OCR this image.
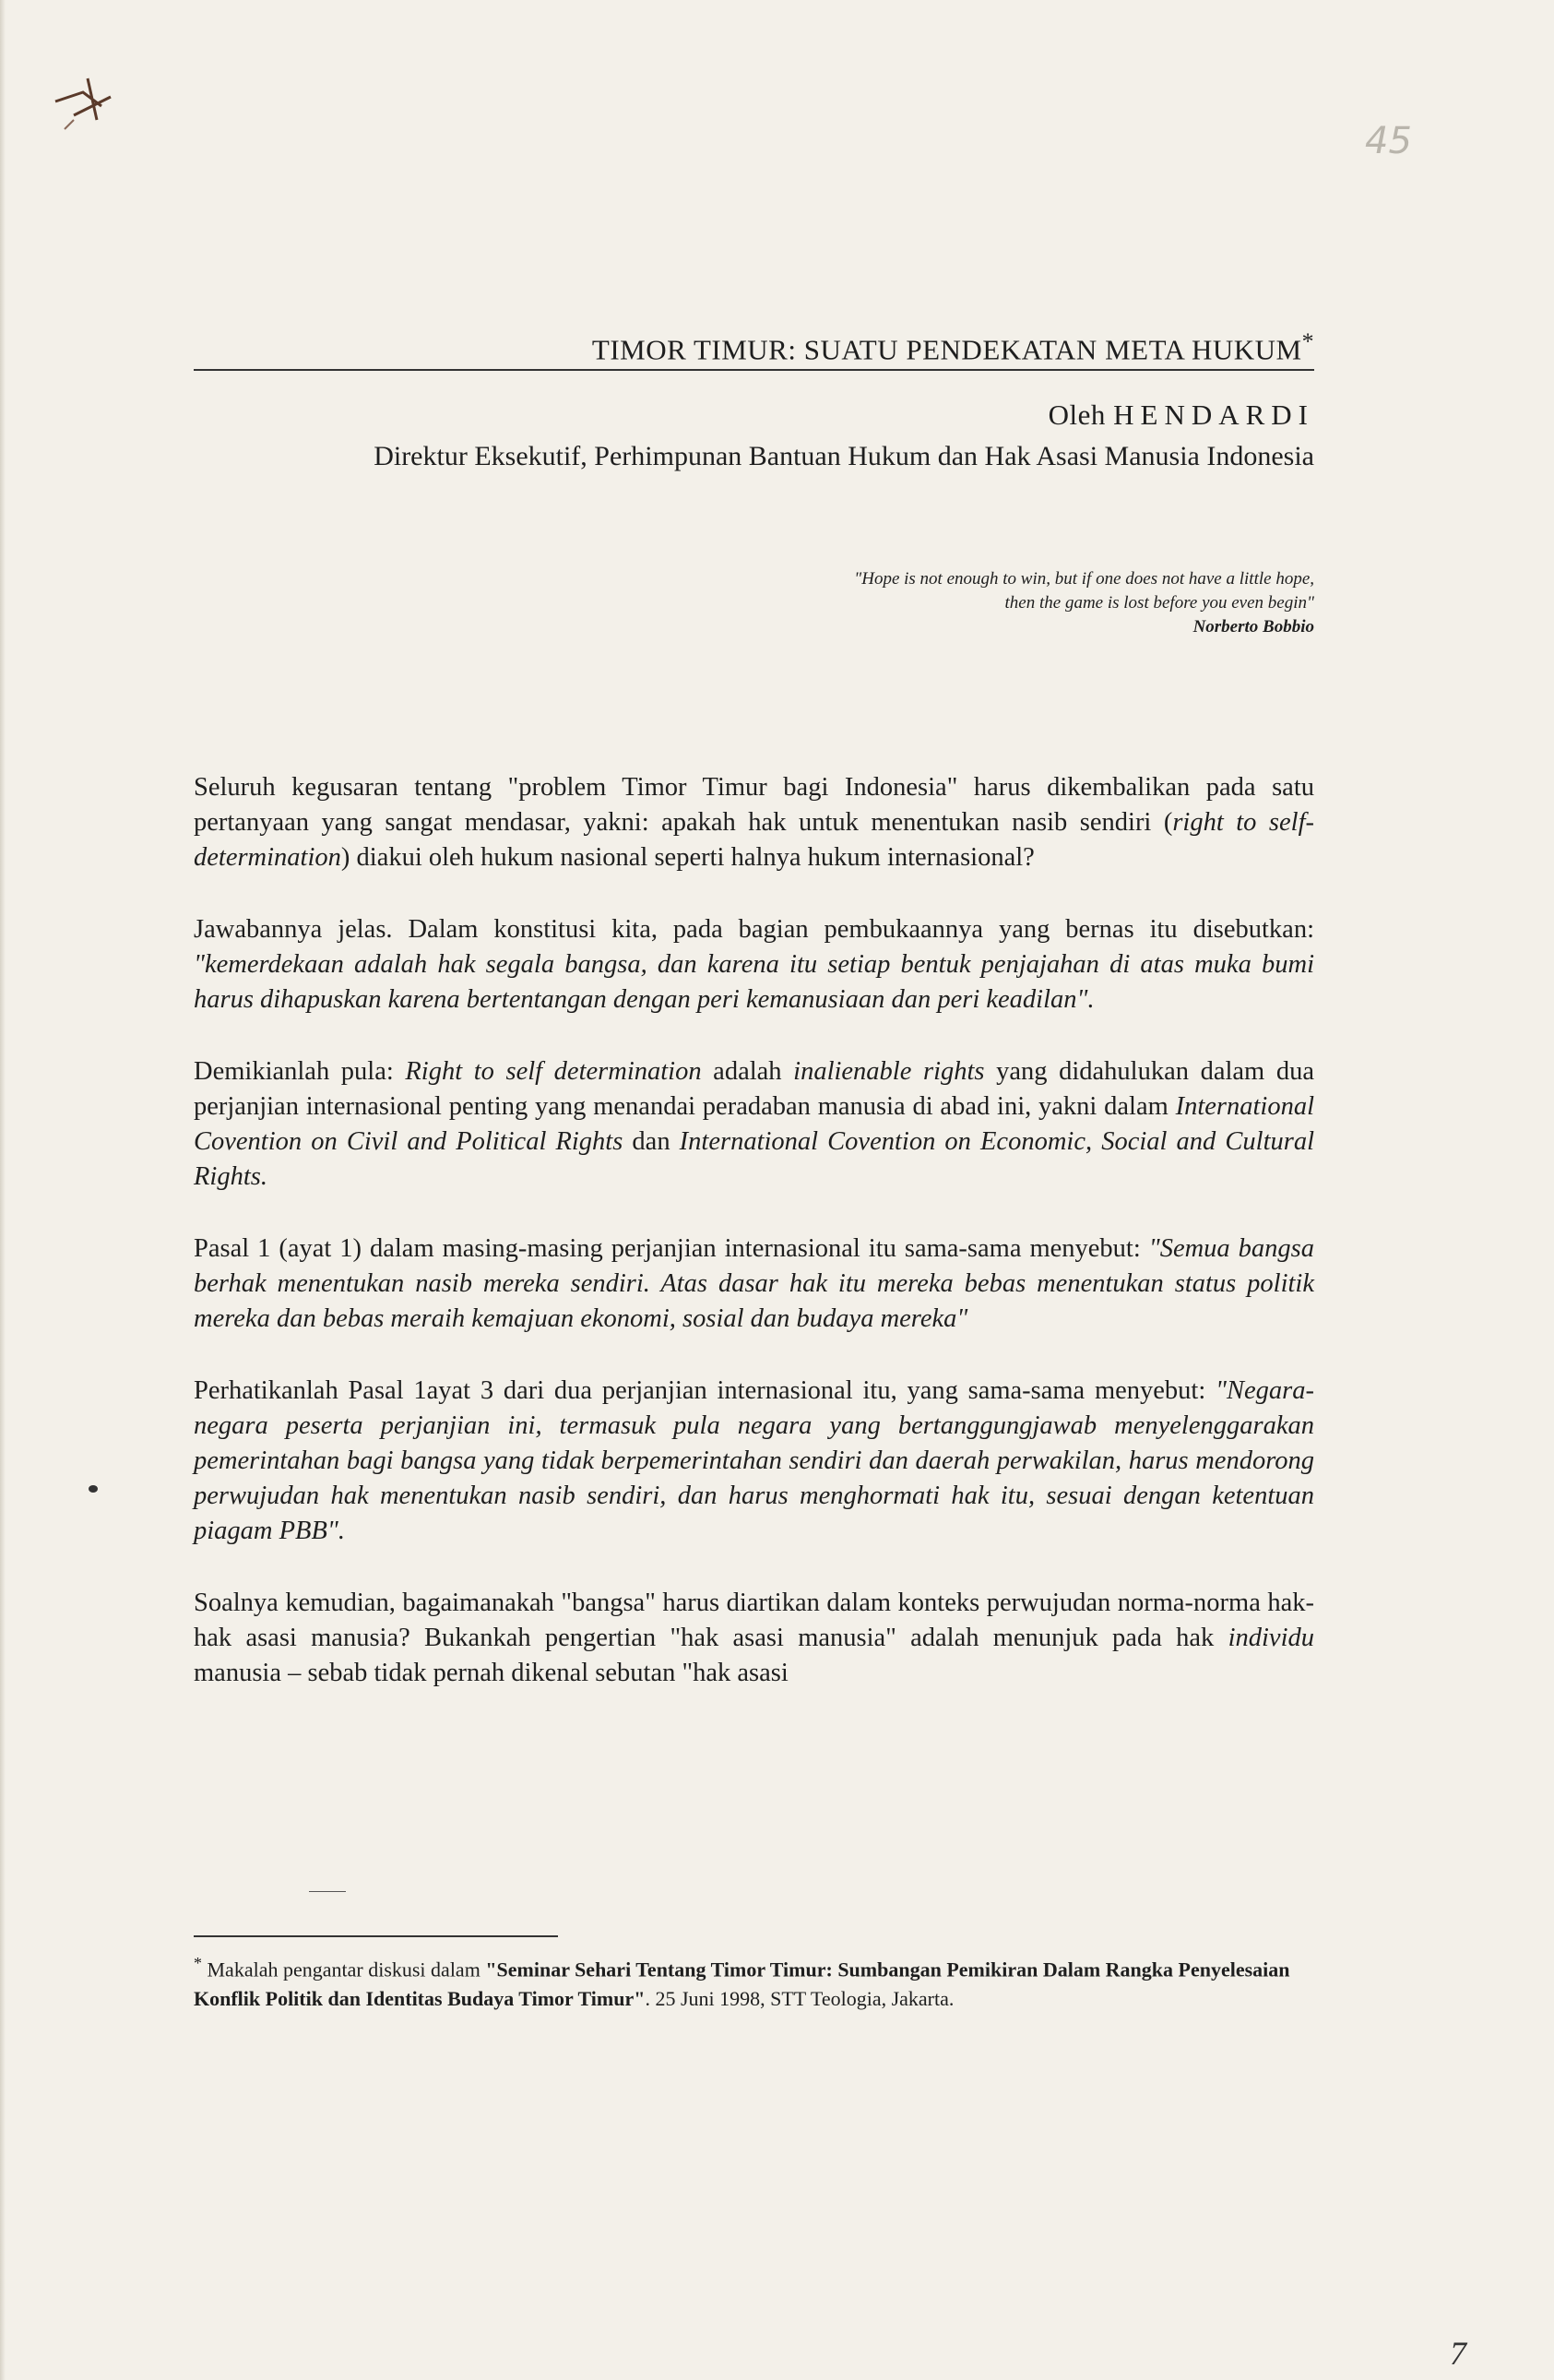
45
TIMOR TIMUR: SUATU PENDEKATAN META HUKUM*
Oleh HENDARDI
Direktur Eksekutif, Perhimpunan Bantuan Hukum dan Hak Asasi Manusia Indonesia
"Hope is not enough to win, but if one does not have a little hope,
then the game is lost before you even begin"
Norberto Bobbio

Seluruh kegusaran tentang "problem Timor Timur bagi Indonesia" harus dikembalikan pada satu pertanyaan yang sangat mendasar, yakni: apakah hak untuk menentukan nasib sendiri (right to self-determination) diakui oleh hukum nasional seperti halnya hukum internasional?

Jawabannya jelas. Dalam konstitusi kita, pada bagian pembukaannya yang bernas itu disebutkan: "kemerdekaan adalah hak segala bangsa, dan karena itu setiap bentuk penjajahan di atas muka bumi harus dihapuskan karena bertentangan dengan peri kemanusiaan dan peri keadilan".

Demikianlah pula: Right to self determination adalah inalienable rights yang didahulukan dalam dua perjanjian internasional penting yang menandai peradaban manusia di abad ini, yakni dalam International Covention on Civil and Political Rights dan International Covention on Economic, Social and Cultural Rights.

Pasal 1 (ayat 1) dalam masing-masing perjanjian internasional itu sama-sama menyebut: "Semua bangsa berhak menentukan nasib mereka sendiri. Atas dasar hak itu mereka bebas menentukan status politik mereka dan bebas meraih kemajuan ekonomi, sosial dan budaya mereka"

Perhatikanlah Pasal 1ayat 3 dari dua perjanjian internasional itu, yang sama-sama menyebut: "Negara-negara peserta perjanjian ini, termasuk pula negara yang bertanggungjawab menyelenggarakan pemerintahan bagi bangsa yang tidak berpemerintahan sendiri dan daerah perwakilan, harus mendorong perwujudan hak menentukan nasib sendiri, dan harus menghormati hak itu, sesuai dengan ketentuan piagam PBB".

Soalnya kemudian, bagaimanakah "bangsa" harus diartikan dalam konteks perwujudan norma-norma hak-hak asasi manusia? Bukankah pengertian "hak asasi manusia" adalah menunjuk pada hak individu manusia – sebab tidak pernah dikenal sebutan "hak asasi

* Makalah pengantar diskusi dalam "Seminar Sehari Tentang Timor Timur: Sumbangan Pemikiran Dalam Rangka Penyelesaian Konflik Politik dan Identitas Budaya Timor Timur". 25 Juni 1998, STT Teologia, Jakarta.
7
